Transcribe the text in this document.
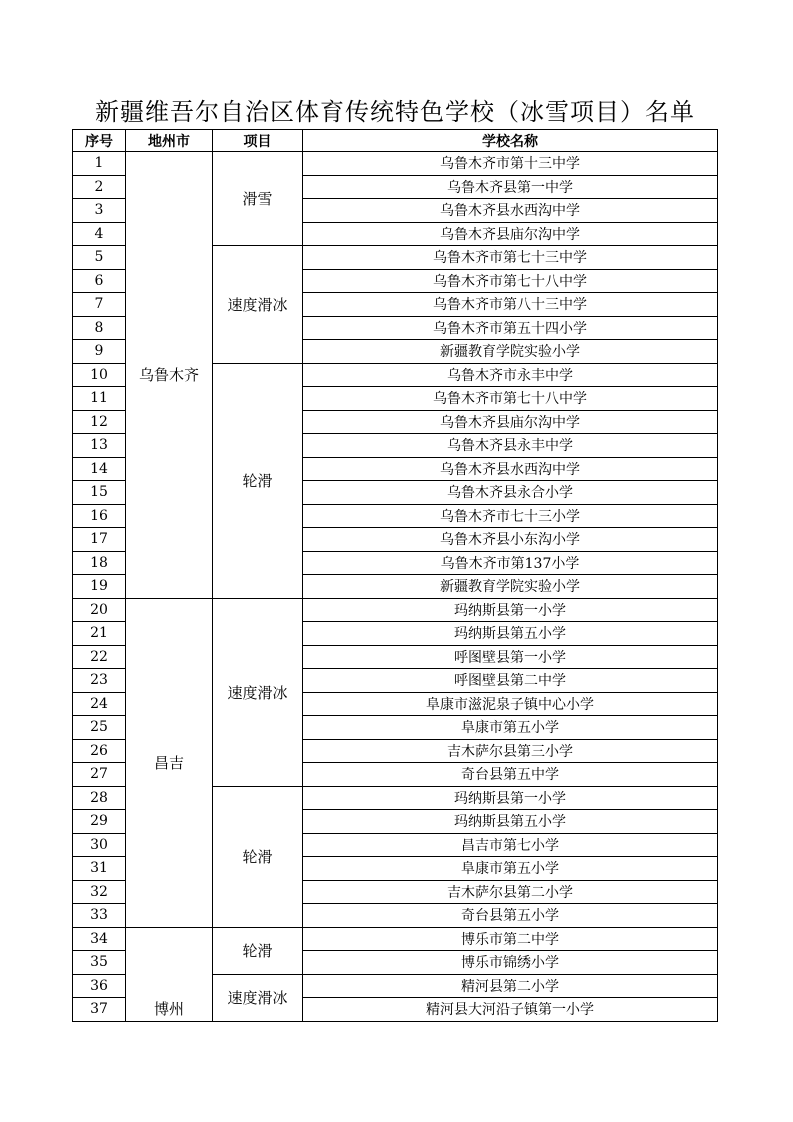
新疆维吾尔自治区体育传统特色学校（冰雪项目）名单
序号	地州市	项目	学校名称
1	乌鲁木齐	滑雪	乌鲁木齐市第十三中学
2			乌鲁木齐县第一中学
3			乌鲁木齐县水西沟中学
4			乌鲁木齐县庙尔沟中学
5		速度滑冰	乌鲁木齐市第七十三中学
6			乌鲁木齐市第七十八中学
7			乌鲁木齐市第八十三中学
8			乌鲁木齐市第五十四小学
9			新疆教育学院实验小学
10		轮滑	乌鲁木齐市永丰中学
11			乌鲁木齐市第七十八中学
12			乌鲁木齐县庙尔沟中学
13			乌鲁木齐县永丰中学
14			乌鲁木齐县水西沟中学
15			乌鲁木齐县永合小学
16			乌鲁木齐市七十三小学
17			乌鲁木齐县小东沟小学
18			乌鲁木齐市第137小学
19			新疆教育学院实验小学
20	昌吉	速度滑冰	玛纳斯县第一小学
21			玛纳斯县第五小学
22			呼图壁县第一小学
23			呼图壁县第二中学
24			阜康市滋泥泉子镇中心小学
25			阜康市第五小学
26			吉木萨尔县第三小学
27			奇台县第五中学
28		轮滑	玛纳斯县第一小学
29			玛纳斯县第五小学
30			昌吉市第七小学
31			阜康市第五小学
32			吉木萨尔县第二小学
33			奇台县第五小学
34	博州	轮滑	博乐市第二中学
35			博乐市锦绣小学
36		速度滑冰	精河县第二小学
37			精河县大河沿子镇第一小学
